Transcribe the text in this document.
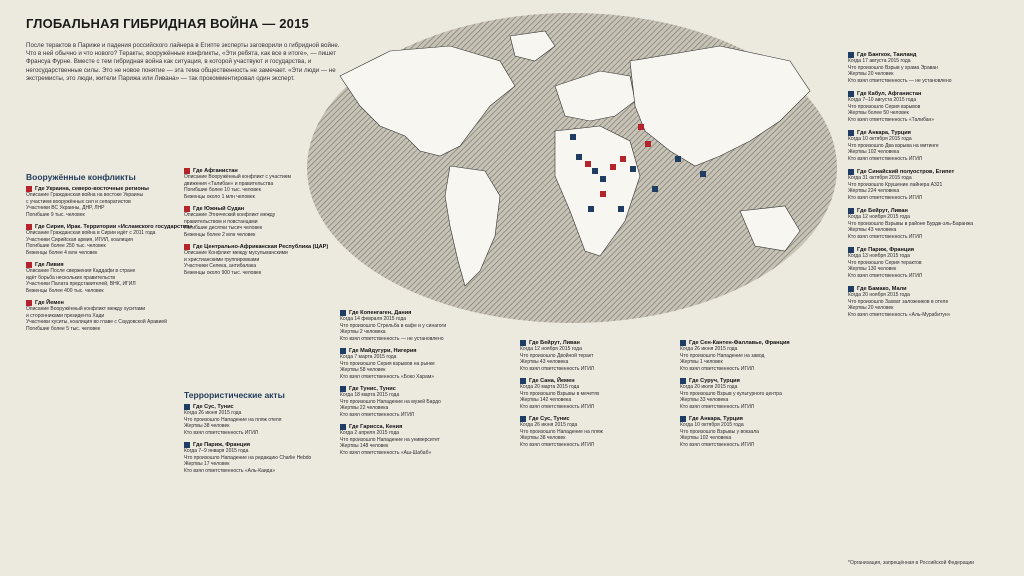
ГЛОБАЛЬНАЯ ГИБРИДНАЯ ВОЙНА — 2015
После терактов в Париже и падения российского лайнера в Египте эксперты заговорили о гибридной войне. Что в ней обычно и что нового? Теракты, вооружённые конфликты, «Эти ребята, как все в итоге», — пишет Франсуа Фурне. Вместе с тем гибридная война как ситуация, в которой участвуют и государства, и негосударственные силы. Это не новое понятие — эта тема общественность не замечает. «Эти люди — не экстремисты, это люди, жители Парижа или Ливана» — так прокомментировал один эксперт.
Вооружённые конфликты
Террористические акты
Где Украина, северо-восточные регионы
Описание Гражданская война на востоке Украины
с участием вооружённых сил и сепаратистов
Участники ВС Украины, ДНР, ЛНР
Погибшие 9 тыс. человек
Где Сирия, Ирак. Территории «Исламского государства»
Описание Гражданская война в Сирии идёт с 2011 года
Участники Сирийская армия, ИГИЛ, коалиция
Погибшие более 250 тыс. человек
Беженцы более 4 млн человек
Где Ливия
Описание После свержения Каддафи в стране
идёт борьба нескольких правительств
Участники Палата представителей, ВНК, ИГИЛ
Беженцы более 400 тыс. человек
Где Йемен
Описание Вооружённый конфликт между хуситами
и сторонниками президента Хади
Участники хуситы, коалиция во главе с Саудовской Аравией
Погибшие более 5 тыс. человек
Где Афганистан
Описание Вооружённый конфликт с участием
движения «Талибан» и правительства
Погибшие более 10 тыс. человек
Беженцы около 1 млн человек
Где Южный Судан
Описание Этнический конфликт между
правительством и повстанцами
Погибшие десятки тысяч человек
Беженцы более 2 млн человек
Где Центрально-Африканская Республика (ЦАР)
Описание Конфликт между мусульманскими
и христианскими группировками
Участники Селека, антибалака
Беженцы около 900 тыс. человек
Где Сус, Тунис
Когда 26 июня 2015 года
Что произошло Нападение на пляж отеля
Жертвы 38 человек
Кто взял ответственность ИГИЛ
Где Париж, Франция
Когда 7–9 января 2015 года
Что произошло Нападение на редакцию Charlie Hebdo
Жертвы 17 человек
Кто взял ответственность «Аль-Каида»
Где Копенгаген, Дания
Когда 14 февраля 2015 года
Что произошло Стрельба в кафе и у синагоги
Жертвы 2 человека
Кто взял ответственность — не установлено
Где Майдугури, Нигерия
Когда 7 марта 2015 года
Что произошло Серия взрывов на рынке
Жертвы 58 человек
Кто взял ответственность «Боко Харам»
Где Тунис, Тунис
Когда 18 марта 2015 года
Что произошло Нападение на музей Бардо
Жертвы 22 человека
Кто взял ответственность ИГИЛ
Где Гарисса, Кения
Когда 2 апреля 2015 года
Что произошло Нападение на университет
Жертвы 148 человек
Кто взял ответственность «Аш-Шабаб»
Где Бейрут, Ливан
Когда 12 ноября 2015 года
Что произошло Двойной теракт
Жертвы 43 человека
Кто взял ответственность ИГИЛ
Где Сана, Йемен
Когда 20 марта 2015 года
Что произошло Взрывы в мечетях
Жертвы 142 человека
Кто взял ответственность ИГИЛ
Где Сус, Тунис
Когда 26 июня 2015 года
Что произошло Нападение на пляж
Жертвы 38 человек
Кто взял ответственность ИГИЛ
Где Сен-Кантен-Фаллавье, Франция
Когда 26 июня 2015 года
Что произошло Нападение на завод
Жертвы 1 человек
Кто взял ответственность ИГИЛ
Где Суруч, Турция
Когда 20 июля 2015 года
Что произошло Взрыв у культурного центра
Жертвы 33 человека
Кто взял ответственность ИГИЛ
Где Анкара, Турция
Когда 10 октября 2015 года
Что произошло Взрывы у вокзала
Жертвы 102 человека
Кто взял ответственность ИГИЛ
Где Бангкок, Таиланд
Когда 17 августа 2015 года
Что произошло Взрыв у храма Эраван
Жертвы 20 человек
Кто взял ответственность — не установлено
Где Кабул, Афганистан
Когда 7–10 августа 2015 года
Что произошло Серия взрывов
Жертвы более 50 человек
Кто взял ответственность «Талибан»
Где Анкара, Турция
Когда 10 октября 2015 года
Что произошло Два взрыва на митинге
Жертвы 102 человека
Кто взял ответственность ИГИЛ
Где Синайский полуостров, Египет
Когда 31 октября 2015 года
Что произошло Крушение лайнера А321
Жертвы 224 человека
Кто взял ответственность ИГИЛ
Где Бейрут, Ливан
Когда 12 ноября 2015 года
Что произошло Взрывы в районе Бурдж-эль-Баранжа
Жертвы 43 человека
Кто взял ответственность ИГИЛ
Где Париж, Франция
Когда 13 ноября 2015 года
Что произошло Серия терактов
Жертвы 130 человек
Кто взял ответственность ИГИЛ
Где Бамако, Мали
Когда 20 ноября 2015 года
Что произошло Захват заложников в отеле
Жертвы 20 человек
Кто взял ответственность «Аль-Мурабитун»
*Организация, запрещённая в Российской Федерации
